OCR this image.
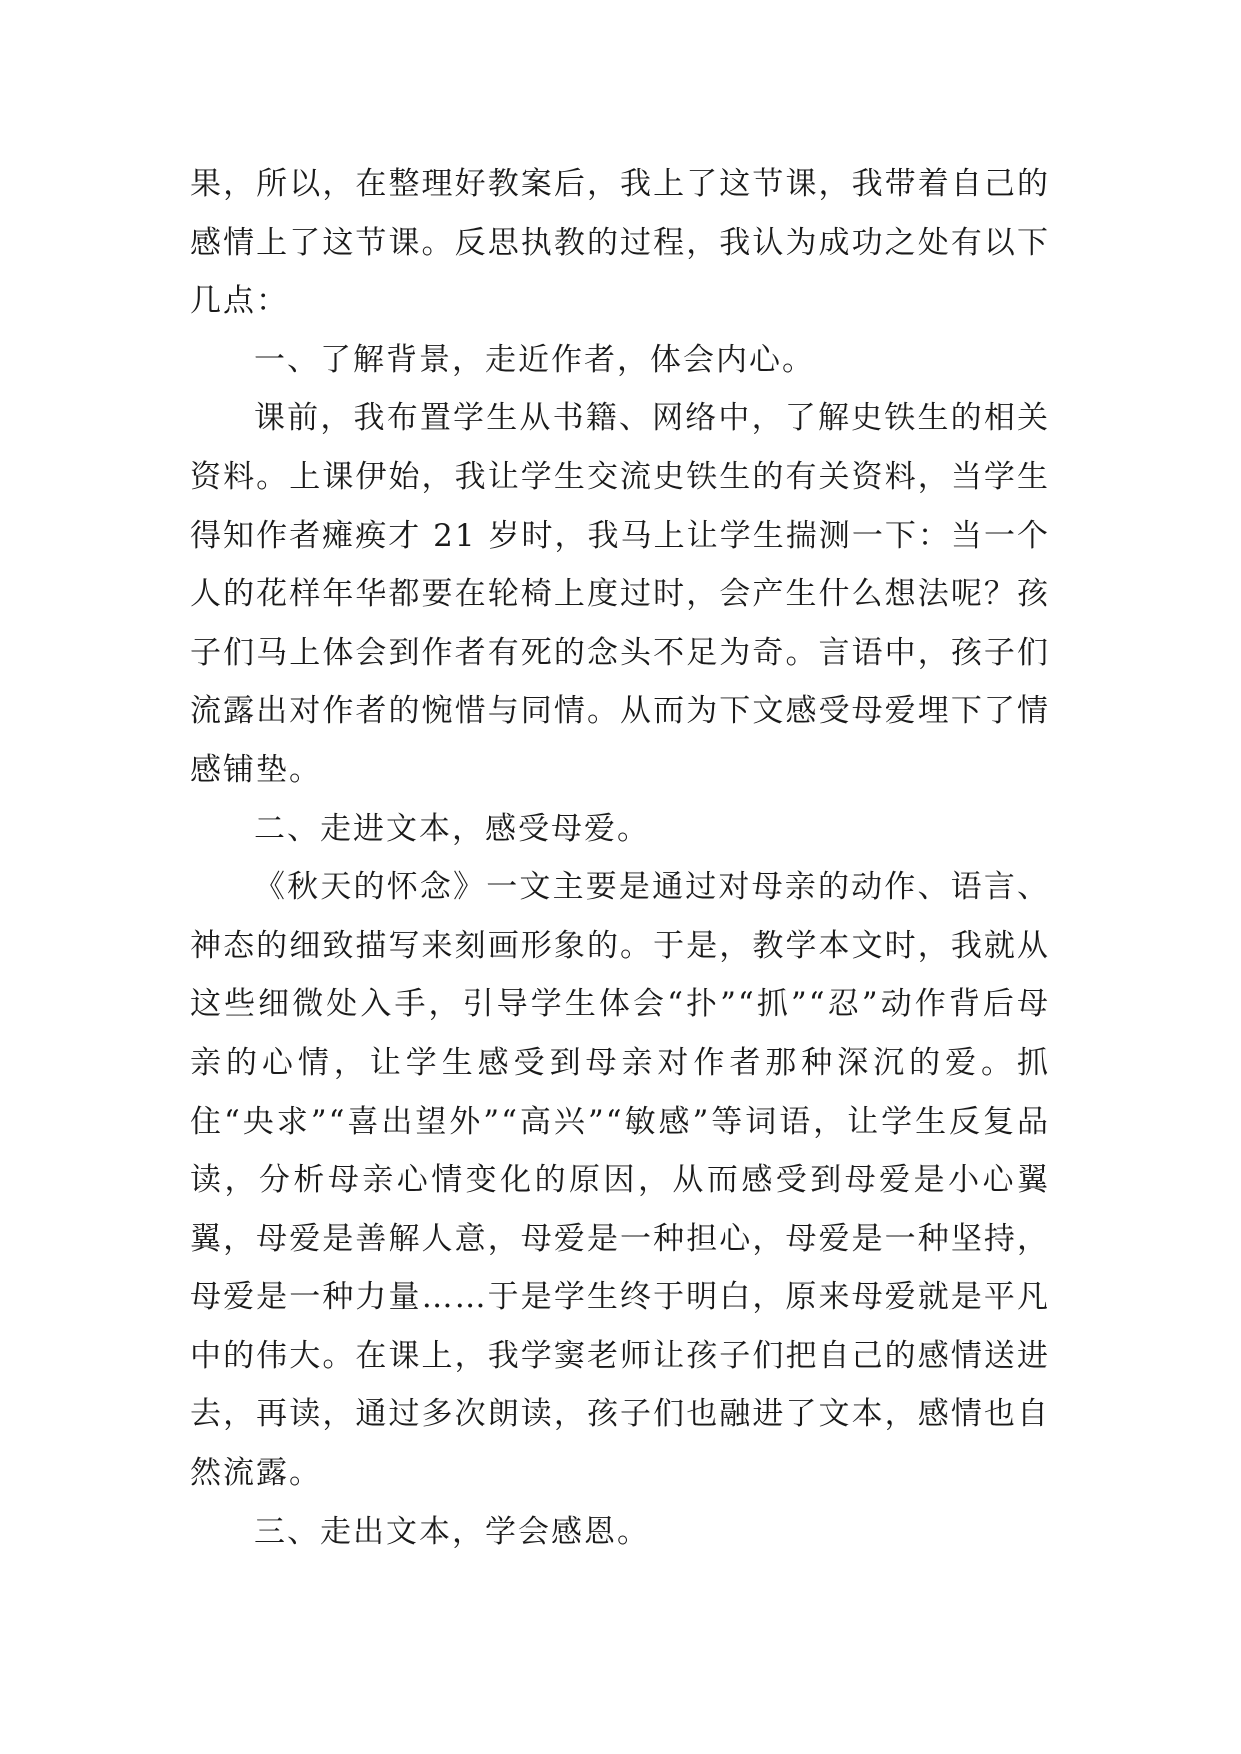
果，所以，在整理好教案后，我上了这节课，我带着自己的感情上了这节课。反思执教的过程，我认为成功之处有以下几点：

一、了解背景，走近作者，体会内心。

课前，我布置学生从书籍、网络中，了解史铁生的相关资料。上课伊始，我让学生交流史铁生的有关资料，当学生得知作者瘫痪才 21 岁时，我马上让学生揣测一下：当一个人的花样年华都要在轮椅上度过时，会产生什么想法呢？孩子们马上体会到作者有死的念头不足为奇。言语中，孩子们流露出对作者的惋惜与同情。从而为下文感受母爱埋下了情感铺垫。

二、走进文本，感受母爱。

《秋天的怀念》一文主要是通过对母亲的动作、语言、神态的细致描写来刻画形象的。于是，教学本文时，我就从这些细微处入手，引导学生体会“扑”“抓”“忍”动作背后母亲的心情，让学生感受到母亲对作者那种深沉的爱。抓住“央求”“喜出望外”“高兴”“敏感”等词语，让学生反复品读，分析母亲心情变化的原因，从而感受到母爱是小心翼翼，母爱是善解人意，母爱是一种担心，母爱是一种坚持，母爱是一种力量……于是学生终于明白，原来母爱就是平凡中的伟大。在课上，我学窦老师让孩子们把自己的感情送进去，再读，通过多次朗读，孩子们也融进了文本，感情也自然流露。

三、走出文本，学会感恩。
